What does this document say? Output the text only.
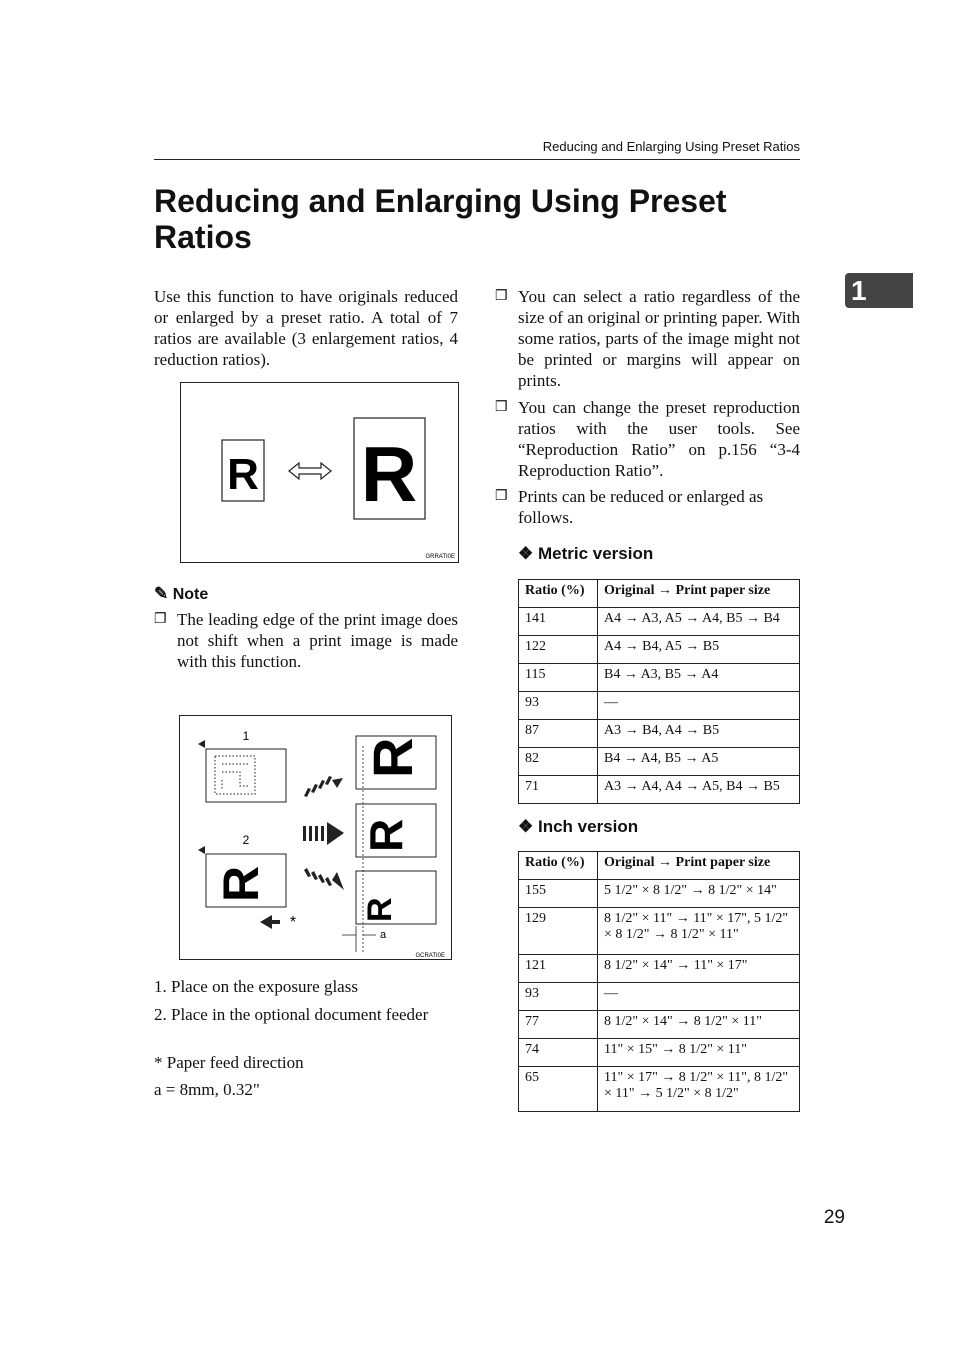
Reducing and Enlarging Using Preset Ratios
Reducing and Enlarging Using Preset Ratios
1
Use this function to have originals reduced or enlarged by a preset ratio. A total of 7 ratios are available (3 enlargement ratios, 4 reduction ratios).
R R
GRRATI0E
✎ Note
❒ The leading edge of the print image does not shift when a print image is made with this function.
1
2
R
*
R
R
R
a
GCRATI0E
1. Place on the exposure glass
2. Place in the optional document feeder
* Paper feed direction
a = 8mm, 0.32"
❒ You can select a ratio regardless of the size of an original or printing paper. With some ratios, parts of the image might not be printed or margins will appear on prints.
❒ You can change the preset reproduction ratios with the user tools. See “Reproduction Ratio” on p.156 “3-4 Reproduction Ratio”.
❒ Prints can be reduced or enlarged as follows.
❖ Metric version
Ratio (%)	Original → Print paper size
141	A4 → A3, A5 → A4, B5 → B4
122	A4 → B4, A5 → B5
115	B4 → A3, B5 → A4
93	—
87	A3 → B4, A4 → B5
82	B4 → A4, B5 → A5
71	A3 → A4, A4 → A5, B4 → B5
❖ Inch version
Ratio (%)	Original → Print paper size
155	5 1/2" × 8 1/2" → 8 1/2" × 14"
129	8 1/2" × 11" → 11" × 17", 5 1/2" × 8 1/2" → 8 1/2" × 11"
121	8 1/2" × 14" → 11" × 17"
93	—
77	8 1/2" × 14" → 8 1/2" × 11"
74	11" × 15" → 8 1/2" × 11"
65	11" × 17" → 8 1/2" × 11", 8 1/2" × 11" → 5 1/2" × 8 1/2"
29
